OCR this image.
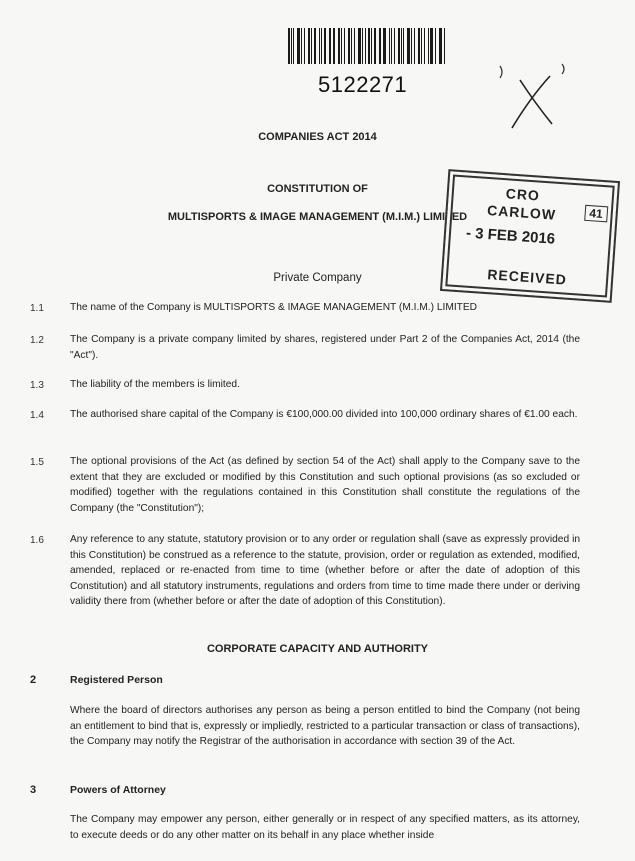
5122271
COMPANIES ACT 2014
CONSTITUTION OF
MULTISPORTS & IMAGE MANAGEMENT (M.I.M.) LIMITED
Private Company
CRO
CARLOW	41
- 3 FEB 2016
RECEIVED
1.1	The name of the Company is MULTISPORTS & IMAGE MANAGEMENT (M.I.M.) LIMITED
1.2	The Company is a private company limited by shares, registered under Part 2 of the Companies Act, 2014 (the "Act").
1.3	The liability of the members is limited.
1.4	The authorised share capital of the Company is €100,000.00 divided into 100,000 ordinary shares of €1.00 each.
1.5	The optional provisions of the Act (as defined by section 54 of the Act) shall apply to the Company save to the extent that they are excluded or modified by this Constitution and such optional provisions (as so excluded or modified) together with the regulations contained in this Constitution shall constitute the regulations of the Company (the "Constitution");
1.6	Any reference to any statute, statutory provision or to any order or regulation shall (save as expressly provided in this Constitution) be construed as a reference to the statute, provision, order or regulation as extended, modified, amended, replaced or re-enacted from time to time (whether before or after the date of adoption of this Constitution) and all statutory instruments, regulations and orders from time to time made there under or deriving validity there from (whether before or after the date of adoption of this Constitution).
CORPORATE CAPACITY AND AUTHORITY
2	Registered Person
Where the board of directors authorises any person as being a person entitled to bind the Company (not being an entitlement to bind that is, expressly or impliedly, restricted to a particular transaction or class of transactions), the Company may notify the Registrar of the authorisation in accordance with section 39 of the Act.
3	Powers of Attorney
The Company may empower any person, either generally or in respect of any specified matters, as its attorney, to execute deeds or do any other matter on its behalf in any place whether inside
